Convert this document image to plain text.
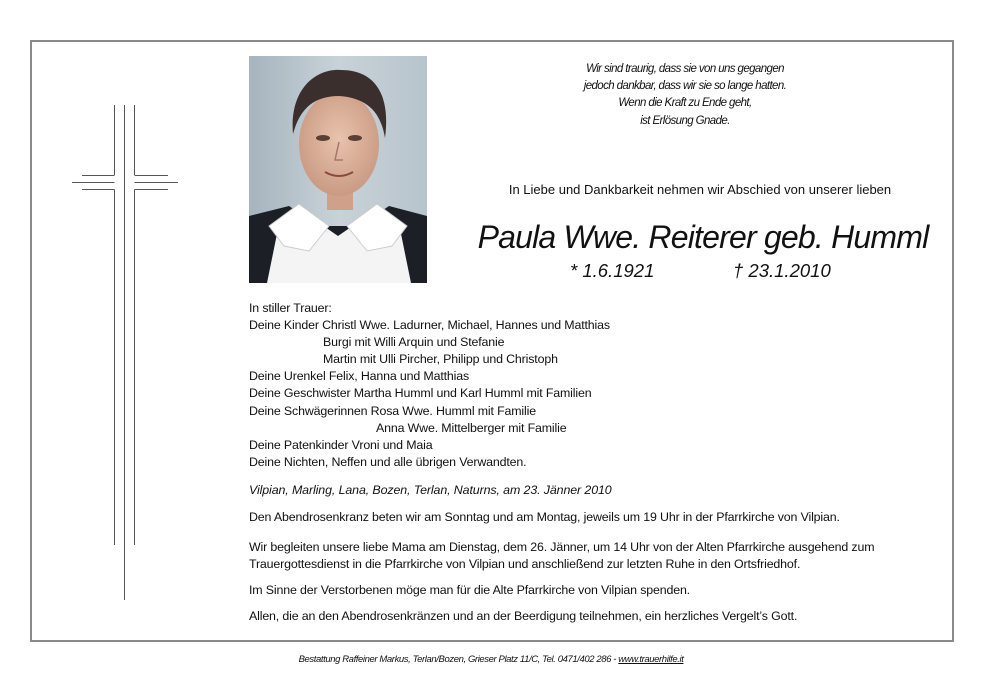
Wir sind traurig, dass sie von uns gegangen
jedoch dankbar, dass wir sie so lange hatten.
Wenn die Kraft zu Ende geht,
ist Erlösung Gnade.
In Liebe und Dankbarkeit nehmen wir Abschied von unserer lieben
Paula Wwe. Reiterer geb. Humml
* 1.6.1921	† 23.1.2010
In stiller Trauer:
Deine Kinder Christl Wwe. Ladurner, Michael, Hannes und Matthias
Burgi mit Willi Arquin und Stefanie
Martin mit Ulli Pircher, Philipp und Christoph
Deine Urenkel Felix, Hanna und Matthias
Deine Geschwister Martha Humml und Karl Humml mit Familien
Deine Schwägerinnen Rosa Wwe. Humml mit Familie
Anna Wwe. Mittelberger mit Familie
Deine Patenkinder Vroni und Maia
Deine Nichten, Neffen und alle übrigen Verwandten.
Vilpian, Marling, Lana, Bozen, Terlan, Naturns, am 23. Jänner 2010
Den Abendrosenkranz beten wir am Sonntag und am Montag, jeweils um 19 Uhr in der Pfarrkirche von Vilpian.
Wir begleiten unsere liebe Mama am Dienstag, dem 26. Jänner, um 14 Uhr von der Alten Pfarrkirche ausgehend zum
Trauergottesdienst in die Pfarrkirche von Vilpian und anschließend zur letzten Ruhe in den Ortsfriedhof.
Im Sinne der Verstorbenen möge man für die Alte Pfarrkirche von Vilpian spenden.
Allen, die an den Abendrosenkränzen und an der Beerdigung teilnehmen, ein herzliches Vergelt’s Gott.
Bestattung Raffeiner Markus, Terlan/Bozen, Grieser Platz 11/C, Tel. 0471/402 286 - www.trauerhilfe.it
